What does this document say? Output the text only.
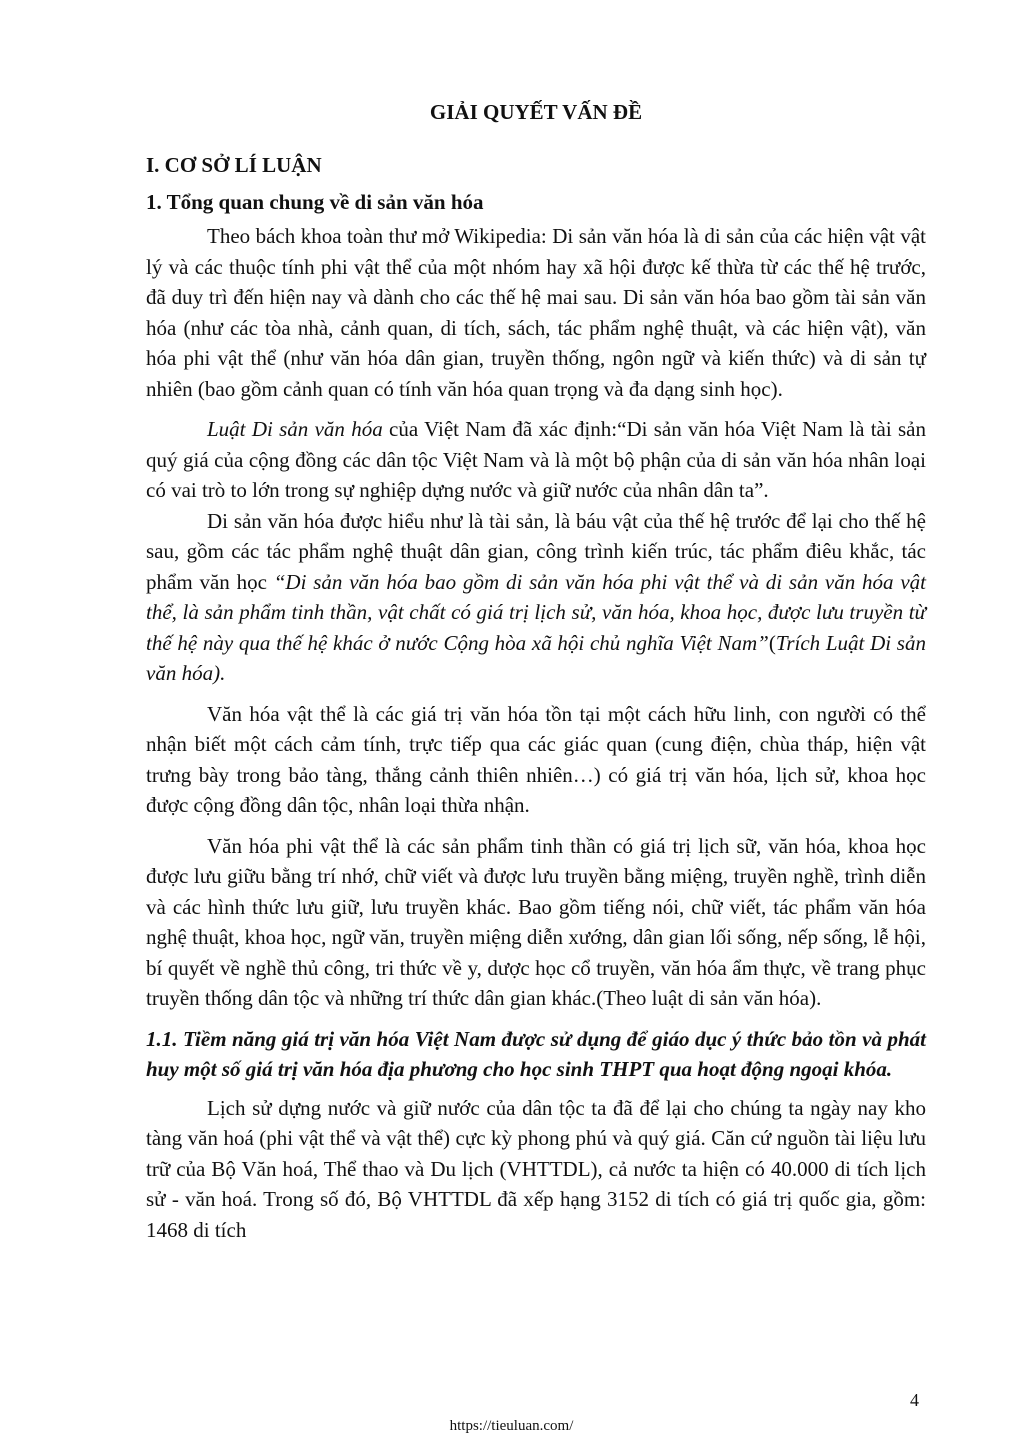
GIẢI QUYẾT VẤN ĐỀ
I. CƠ SỞ LÍ LUẬN
1. Tổng quan chung về di sản văn hóa

Theo bách khoa toàn thư mở Wikipedia: Di sản văn hóa là di sản của các hiện vật vật lý và các thuộc tính phi vật thể của một nhóm hay xã hội được kế thừa từ các thế hệ trước, đã duy trì đến hiện nay và dành cho các thế hệ mai sau. Di sản văn hóa bao gồm tài sản văn hóa (như các tòa nhà, cảnh quan, di tích, sách, tác phẩm nghệ thuật, và các hiện vật), văn hóa phi vật thể (như văn hóa dân gian, truyền thống, ngôn ngữ và kiến thức) và di sản tự nhiên (bao gồm cảnh quan có tính văn hóa quan trọng và đa dạng sinh học).

Luật Di sản văn hóa của Việt Nam đã xác định:“Di sản văn hóa Việt Nam là tài sản quý giá của cộng đồng các dân tộc Việt Nam và là một bộ phận của di sản văn hóa nhân loại có vai trò to lớn trong sự nghiệp dựng nước và giữ nước của nhân dân ta”.

Di sản văn hóa được hiểu như là tài sản, là báu vật của thế hệ trước để lại cho thế hệ sau, gồm các tác phẩm nghệ thuật dân gian, công trình kiến trúc, tác phẩm điêu khắc, tác phẩm văn học “Di sản văn hóa bao gồm di sản văn hóa phi vật thể và di sản văn hóa vật thể, là sản phẩm tinh thần, vật chất có giá trị lịch sử, văn hóa, khoa học, được lưu truyền từ thế hệ này qua thế hệ khác ở nước Cộng hòa xã hội chủ nghĩa Việt Nam”(Trích Luật Di sản văn hóa).

Văn hóa vật thể là các giá trị văn hóa tồn tại một cách hữu linh, con người có thể nhận biết một cách cảm tính, trực tiếp qua các giác quan (cung điện, chùa tháp, hiện vật trưng bày trong bảo tàng, thắng cảnh thiên nhiên…) có giá trị văn hóa, lịch sử, khoa học được cộng đồng dân tộc, nhân loại thừa nhận.

Văn hóa phi vật thể là các sản phẩm tinh thần có giá trị lịch sữ, văn hóa, khoa học được lưu giữu bằng trí nhớ, chữ viết và được lưu truyền bằng miệng, truyền nghề, trình diễn và các hình thức lưu giữ, lưu truyền khác. Bao gồm tiếng nói, chữ viết, tác phẩm văn hóa nghệ thuật, khoa học, ngữ văn, truyền miệng diễn xướng, dân gian lối sống, nếp sống, lễ hội, bí quyết về nghề thủ công, tri thức về y, dược học cổ truyền, văn hóa ẩm thực, về trang phục truyền thống dân tộc và những trí thức dân gian khác.(Theo luật di sản văn hóa).

1.1. Tiềm năng giá trị văn hóa Việt Nam được sử dụng để giáo dục ý thức bảo tồn và phát huy một số giá trị văn hóa địa phương cho học sinh THPT qua hoạt động ngoại khóa.

Lịch sử dựng nước và giữ nước của dân tộc ta đã để lại cho chúng ta ngày nay kho tàng văn hoá (phi vật thể và vật thể) cực kỳ phong phú và quý giá. Căn cứ nguồn tài liệu lưu trữ của Bộ Văn hoá, Thể thao và Du lịch (VHTTDL), cả nước ta hiện có 40.000 di tích lịch sử - văn hoá. Trong số đó, Bộ VHTTDL đã xếp hạng 3152 di tích có giá trị quốc gia, gồm: 1468 di tích

4
https://tieuluan.com/
